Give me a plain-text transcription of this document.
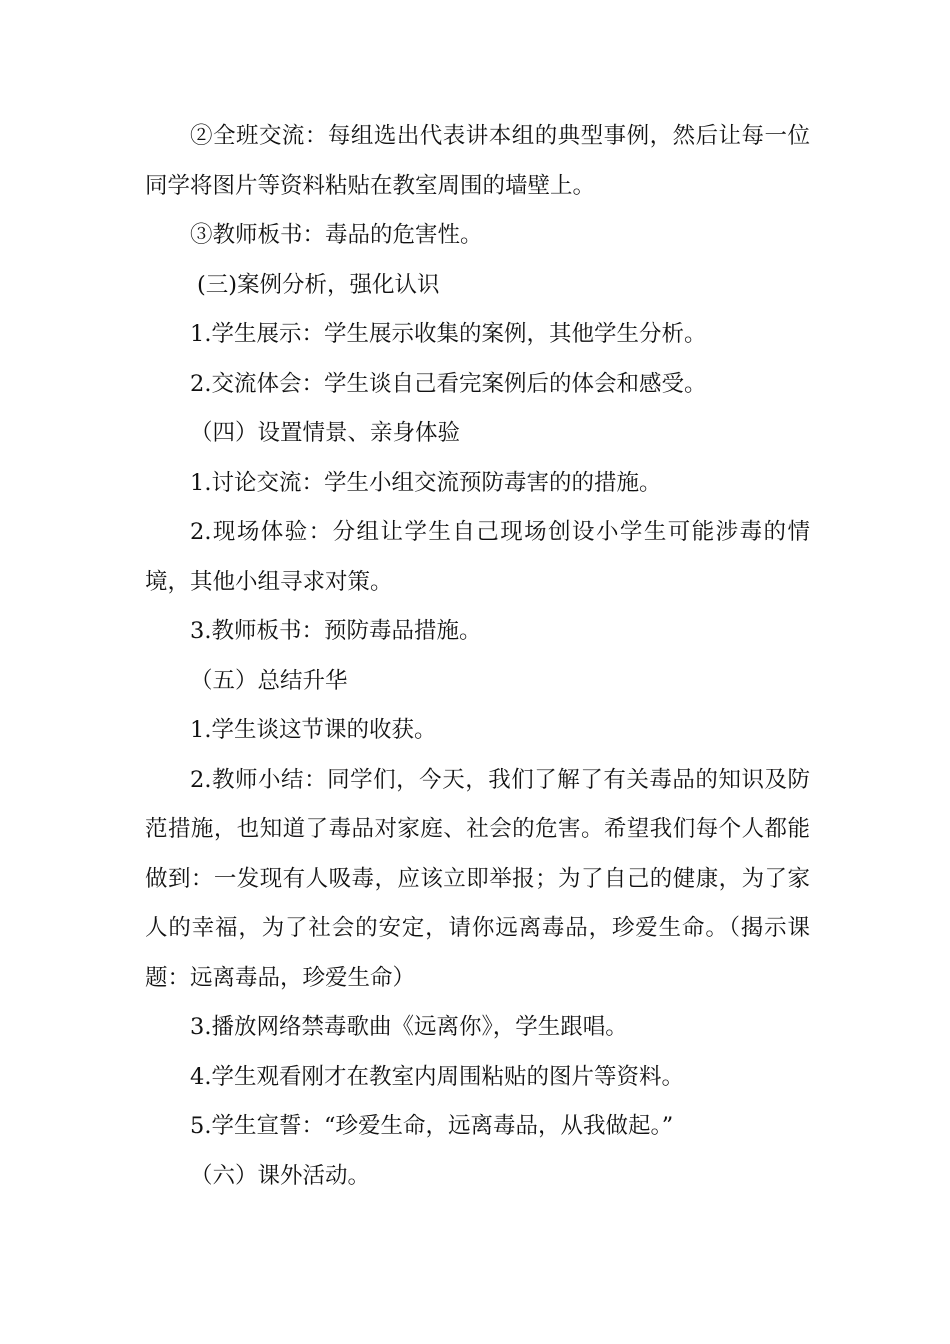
②全班交流：每组选出代表讲本组的典型事例，然后让每一位同学将图片等资料粘贴在教室周围的墙壁上。

③教师板书：毒品的危害性。

(三)案例分析，强化认识

1.学生展示：学生展示收集的案例，其他学生分析。

2.交流体会：学生谈自己看完案例后的体会和感受。

（四）设置情景、亲身体验

1.讨论交流：学生小组交流预防毒害的的措施。

2.现场体验：分组让学生自己现场创设小学生可能涉毒的情境，其他小组寻求对策。

3.教师板书：预防毒品措施。

（五）总结升华

1.学生谈这节课的收获。

2.教师小结：同学们，今天，我们了解了有关毒品的知识及防范措施，也知道了毒品对家庭、社会的危害。希望我们每个人都能做到：一发现有人吸毒，应该立即举报；为了自己的健康，为了家人的幸福，为了社会的安定，请你远离毒品，珍爱生命。（揭示课题：远离毒品，珍爱生命）

3.播放网络禁毒歌曲《远离你》，学生跟唱。

4.学生观看刚才在教室内周围粘贴的图片等资料。

5.学生宣誓：“珍爱生命，远离毒品，从我做起。”

（六）课外活动。
